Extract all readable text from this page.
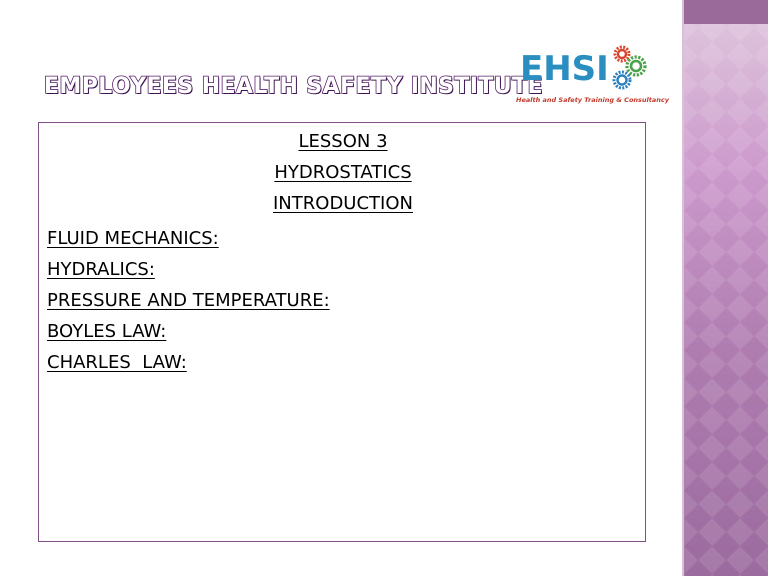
EMPLOYEES HEALTH SAFETY INSTITUTE
EHSI
Health and Safety Training & Consultancy

LESSON 3

HYDROSTATICS

INTRODUCTION

FLUID MECHANICS:
HYDRALICS:
PRESSURE AND TEMPERATURE:
BOYLES LAW:
CHARLES  LAW:
